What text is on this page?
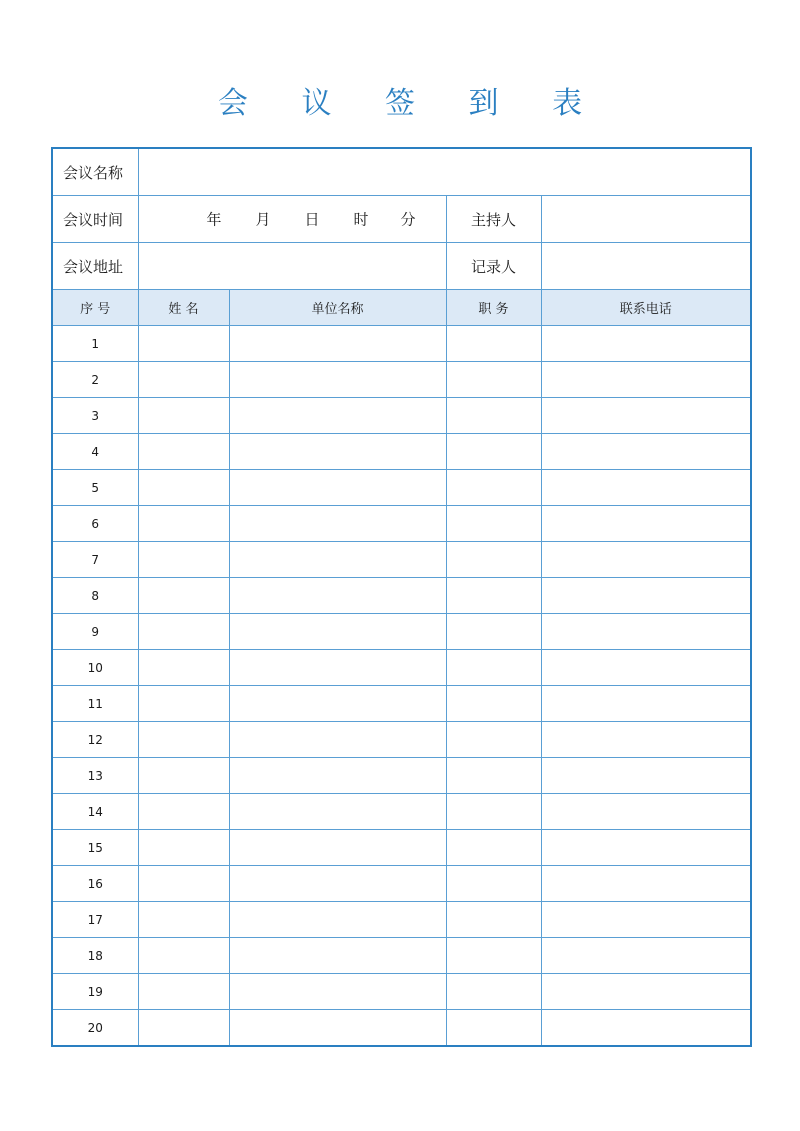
会 议 签 到 表
会议名称				
会议时间	年 月 日 时 分		主持人	
会议地址			记录人	
序 号	姓 名	单位名称	职 务	联系电话
1				
2				
3				
4				
5				
6				
7				
8				
9				
10				
11				
12				
13				
14				
15				
16				
17				
18				
19				
20				
